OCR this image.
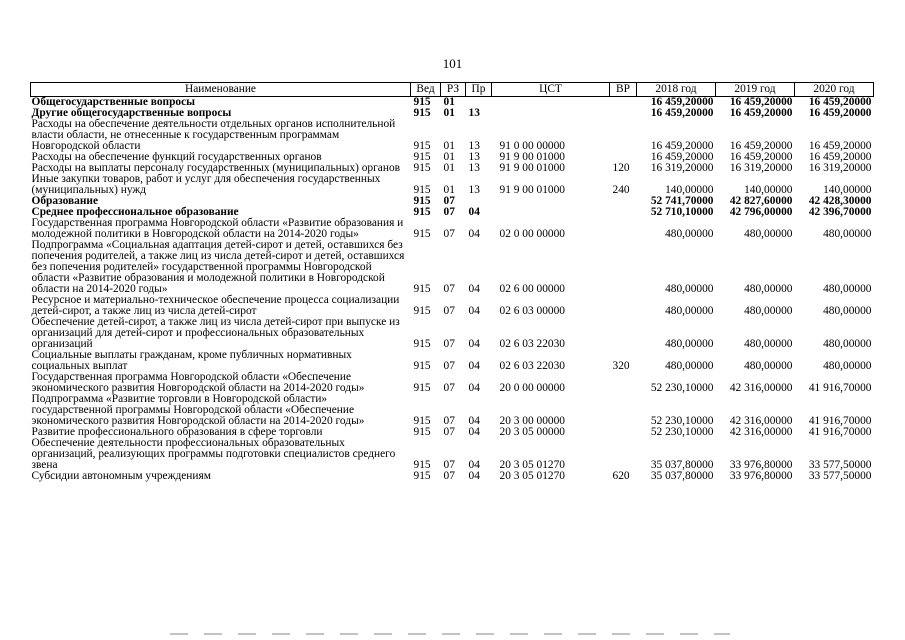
101
Наименование	Вед	РЗ	Пр	ЦСТ	ВР	2018 год	2019 год	2020 год
Общегосударственные вопросы	915	01				16 459,20000	16 459,20000	16 459,20000
Другие общегосударственные вопросы	915	01	13			16 459,20000	16 459,20000	16 459,20000
Расходы на обеспечение деятельности отдельных органов исполнительной власти области, не отнесенные к государственным программам Новгородской области	915	01	13	91 0 00 00000		16 459,20000	16 459,20000	16 459,20000
Расходы на обеспечение функций государственных органов	915	01	13	91 9 00 01000		16 459,20000	16 459,20000	16 459,20000
Расходы на выплаты персоналу государственных (муниципальных) органов	915	01	13	91 9 00 01000	120	16 319,20000	16 319,20000	16 319,20000
Иные закупки товаров, работ и услуг для обеспечения государственных (муниципальных) нужд	915	01	13	91 9 00 01000	240	140,00000	140,00000	140,00000
Образование	915	07				52 741,70000	42 827,60000	42 428,30000
Среднее профессиональное образование	915	07	04			52 710,10000	42 796,00000	42 396,70000
Государственная программа Новгородской области «Развитие образования и молодежной политики в Новгородской области на 2014-2020 годы»	915	07	04	02 0 00 00000		480,00000	480,00000	480,00000
Подпрограмма «Социальная адаптация детей-сирот и детей, оставшихся без попечения родителей, а также лиц из числа детей-сирот и детей, оставшихся без попечения родителей» государственной программы Новгородской области «Развитие образования и молодежной политики в Новгородской области на 2014-2020 годы»	915	07	04	02 6 00 00000		480,00000	480,00000	480,00000
Ресурсное и материально-техническое обеспечение процесса социализации детей-сирот, а также лиц из числа детей-сирот	915	07	04	02 6 03 00000		480,00000	480,00000	480,00000
Обеспечение детей-сирот, а также лиц из числа детей-сирот при выпуске из организаций для детей-сирот и профессиональных образовательных организаций	915	07	04	02 6 03 22030		480,00000	480,00000	480,00000
Социальные выплаты гражданам, кроме публичных нормативных социальных выплат	915	07	04	02 6 03 22030	320	480,00000	480,00000	480,00000
Государственная программа Новгородской области «Обеспечение экономического развития Новгородской области на 2014-2020 годы»	915	07	04	20 0 00 00000		52 230,10000	42 316,00000	41 916,70000
Подпрограмма «Развитие торговли в Новгородской области» государственной программы Новгородской области «Обеспечение экономического развития Новгородской области на 2014-2020 годы»	915	07	04	20 3 00 00000		52 230,10000	42 316,00000	41 916,70000
Развитие профессионального образования в сфере торговли	915	07	04	20 3 05 00000		52 230,10000	42 316,00000	41 916,70000
Обеспечение деятельности профессиональных образовательных организаций, реализующих программы подготовки специалистов среднего звена	915	07	04	20 3 05 01270		35 037,80000	33 976,80000	33 577,50000
Субсидии автономным учреждениям	915	07	04	20 3 05 01270	620	35 037,80000	33 976,80000	33 577,50000
